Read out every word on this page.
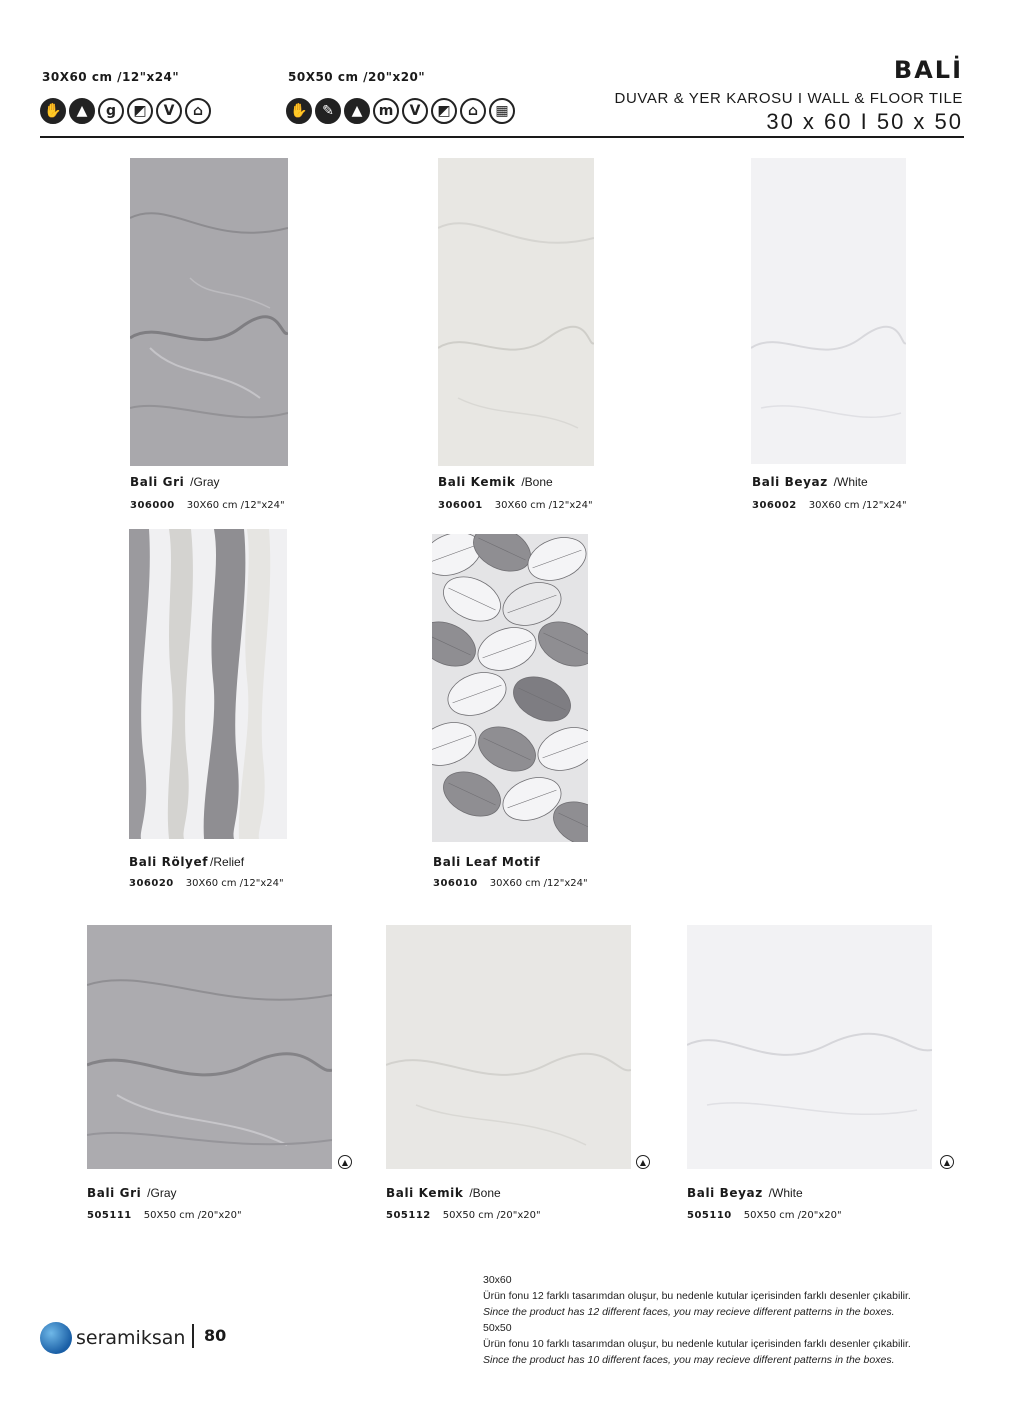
30X60 cm /12"x24"	50X50 cm /20"x20"
✋	▲	g	◩	V	⌂	✋	✎	▲	m	V	◩	⌂	▦
BALİ
DUVAR & YER KAROSU I WALL & FLOOR TILE
30 x 60 I 50 x 50
Bali Gri /Gray
306000 30X60 cm /12"x24"
Bali Kemik /Bone
306001 30X60 cm /12"x24"
Bali Beyaz /White
306002 30X60 cm /12"x24"
Bali Rölyef /Relief
306020 30X60 cm /12"x24"
Bali Leaf Motif
306010 30X60 cm /12"x24"
▲	▲	▲
Bali Gri /Gray
505111 50X50 cm /20"x20"
Bali Kemik /Bone
505112 50X50 cm /20"x20"
Bali Beyaz /White
505110 50X50 cm /20"x20"
30x60
Ürün fonu 12 farklı tasarımdan oluşur, bu nedenle kutular içerisinden farklı desenler çıkabilir.
Since the product has 12 different faces, you may recieve different patterns in the boxes.
50x50
Ürün fonu 10 farklı tasarımdan oluşur, bu nedenle kutular içerisinden farklı desenler çıkabilir.
Since the product has 10 different faces, you may recieve different patterns in the boxes.
seramiksan 80
